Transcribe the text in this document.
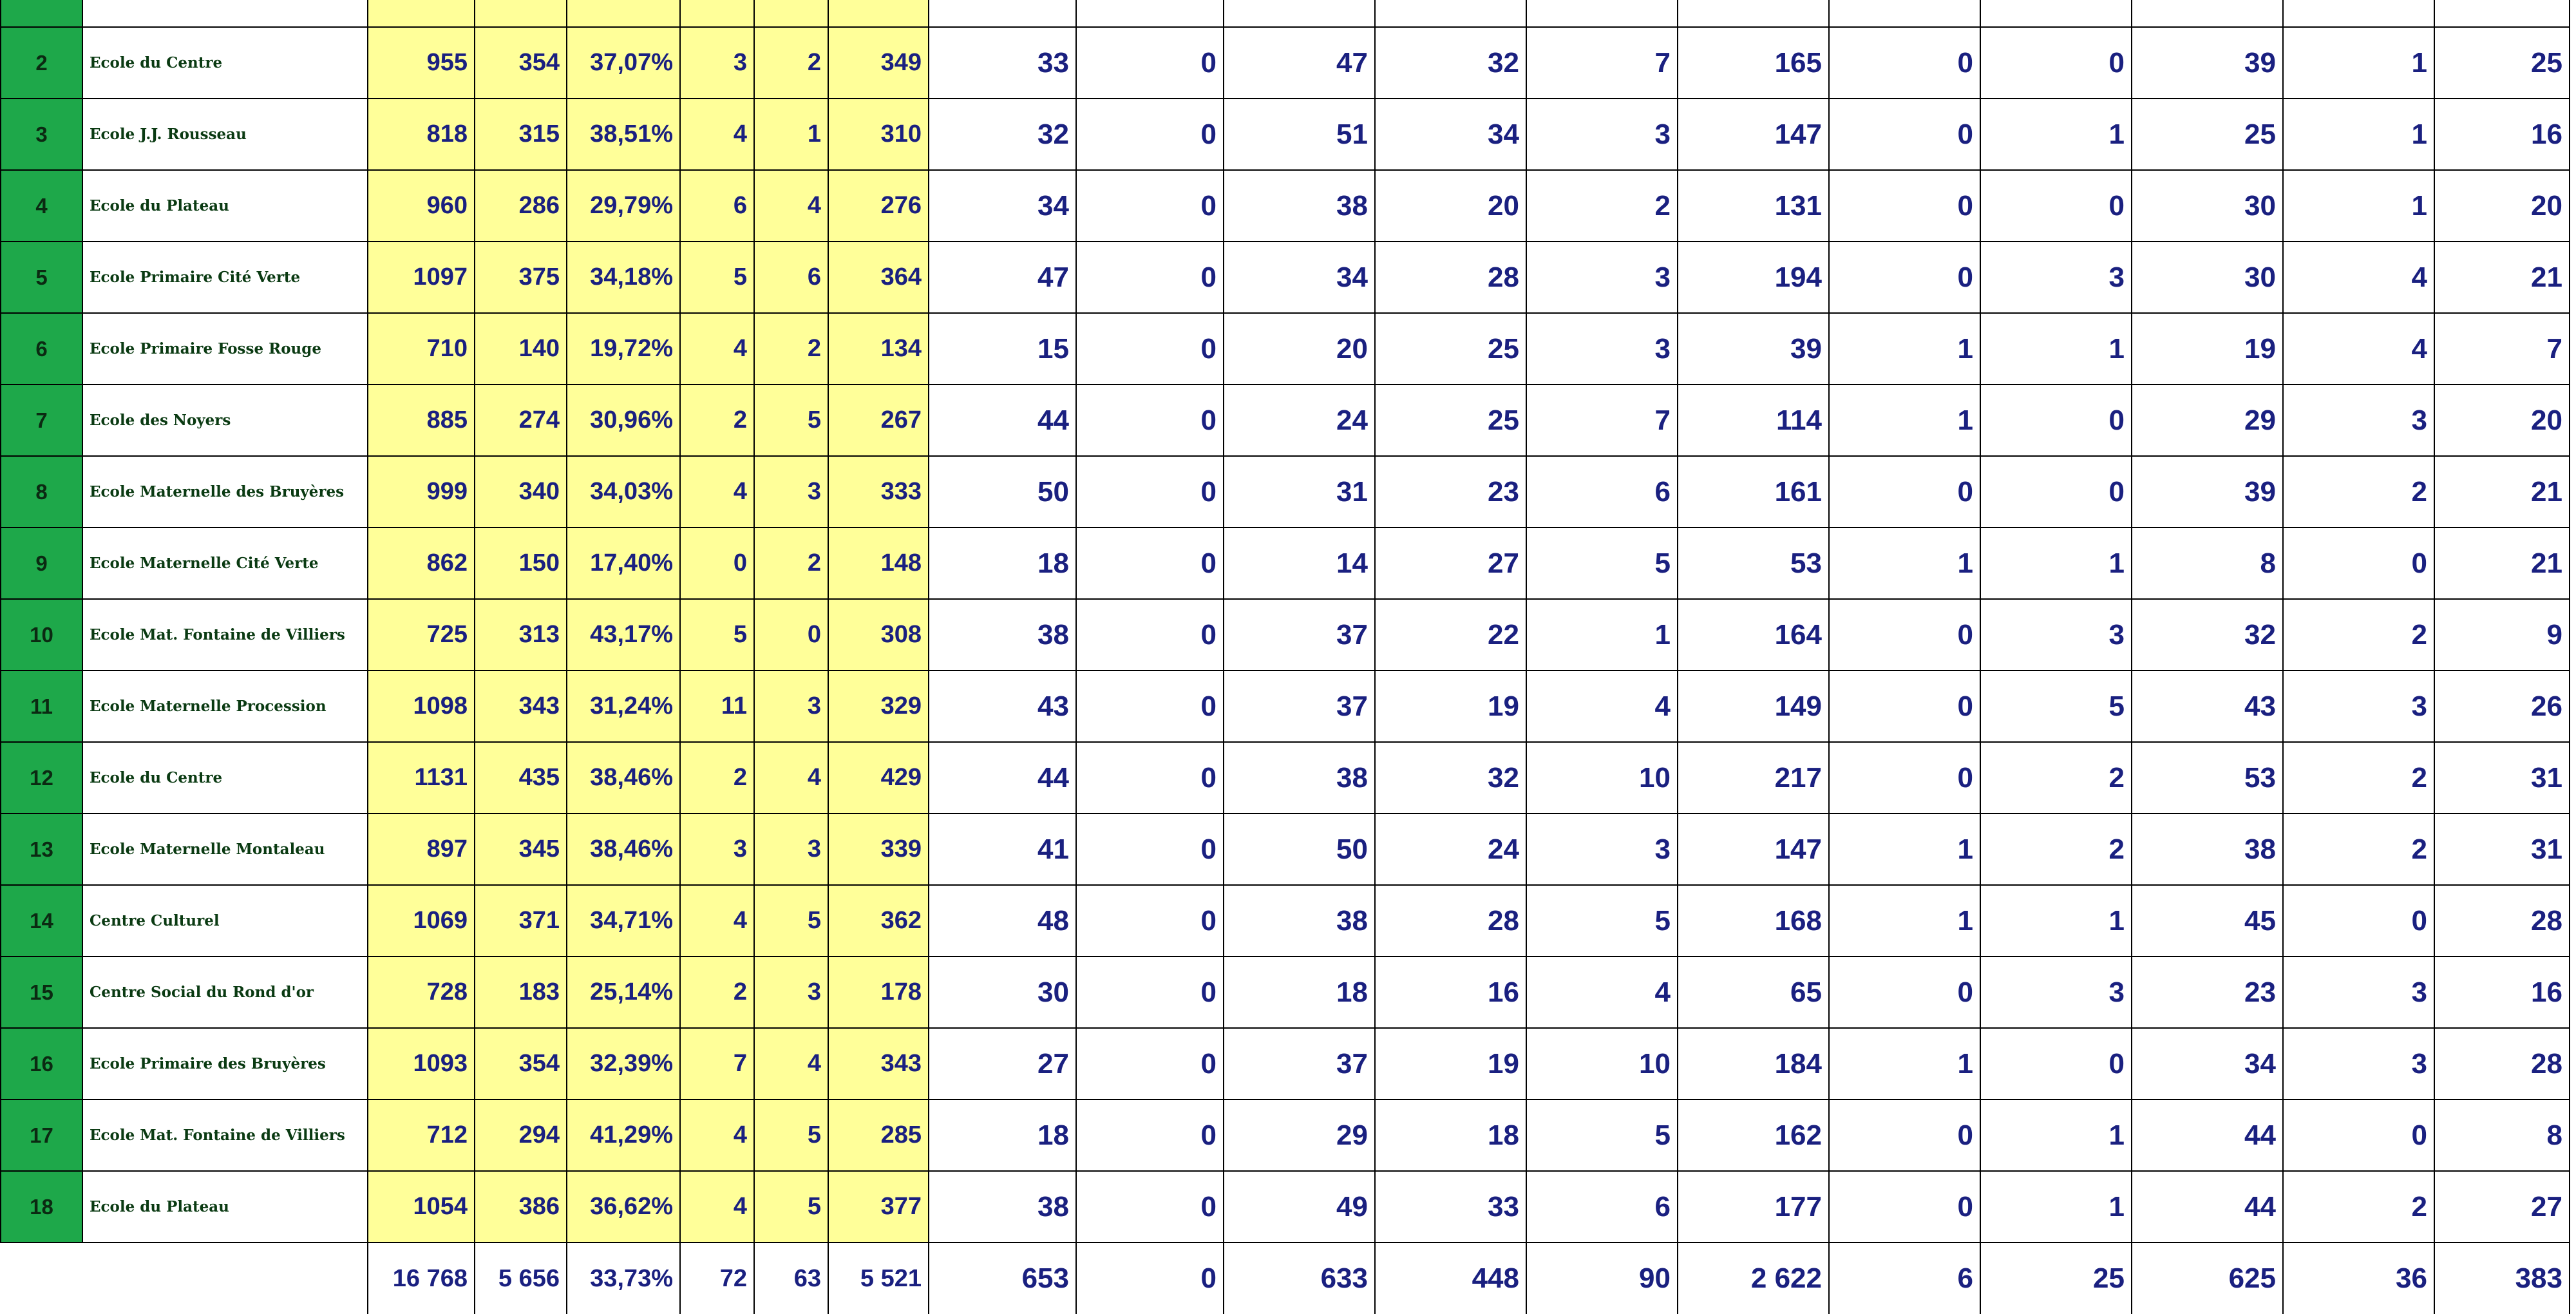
2	Ecole du Centre	955	354	37,07%	3	2	349	33	0	47	32	7	165	0	0	39	1	25
3	Ecole J.J. Rousseau	818	315	38,51%	4	1	310	32	0	51	34	3	147	0	1	25	1	16
4	Ecole du Plateau	960	286	29,79%	6	4	276	34	0	38	20	2	131	0	0	30	1	20
5	Ecole Primaire Cité Verte	1097	375	34,18%	5	6	364	47	0	34	28	3	194	0	3	30	4	21
6	Ecole Primaire Fosse Rouge	710	140	19,72%	4	2	134	15	0	20	25	3	39	1	1	19	4	7
7	Ecole des Noyers	885	274	30,96%	2	5	267	44	0	24	25	7	114	1	0	29	3	20
8	Ecole Maternelle des Bruyères	999	340	34,03%	4	3	333	50	0	31	23	6	161	0	0	39	2	21
9	Ecole Maternelle Cité Verte	862	150	17,40%	0	2	148	18	0	14	27	5	53	1	1	8	0	21
10	Ecole Mat. Fontaine de Villiers	725	313	43,17%	5	0	308	38	0	37	22	1	164	0	3	32	2	9
11	Ecole Maternelle Procession	1098	343	31,24%	11	3	329	43	0	37	19	4	149	0	5	43	3	26
12	Ecole du Centre	1131	435	38,46%	2	4	429	44	0	38	32	10	217	0	2	53	2	31
13	Ecole Maternelle Montaleau	897	345	38,46%	3	3	339	41	0	50	24	3	147	1	2	38	2	31
14	Centre Culturel	1069	371	34,71%	4	5	362	48	0	38	28	5	168	1	1	45	0	28
15	Centre Social du Rond d'or	728	183	25,14%	2	3	178	30	0	18	16	4	65	0	3	23	3	16
16	Ecole Primaire des Bruyères	1093	354	32,39%	7	4	343	27	0	37	19	10	184	1	0	34	3	28
17	Ecole Mat. Fontaine de Villiers	712	294	41,29%	4	5	285	18	0	29	18	5	162	0	1	44	0	8
18	Ecole du Plateau	1054	386	36,62%	4	5	377	38	0	49	33	6	177	0	1	44	2	27
		16 768	5 656	33,73%	72	63	5 521	653	0	633	448	90	2 622	6	25	625	36	383
